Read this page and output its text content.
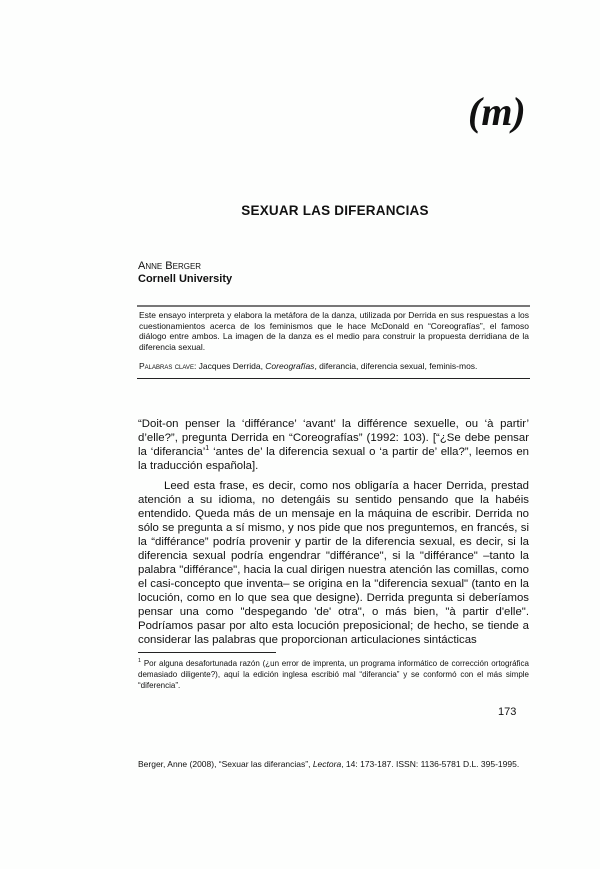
(m)
SEXUAR LAS DIFERANCIAS
Anne Berger
Cornell University
Este ensayo interpreta y elabora la metáfora de la danza, utilizada por Derrida en sus respuestas a los cuestionamientos acerca de los feminismos que le hace McDonald en “Coreografías”, el famoso diálogo entre ambos. La imagen de la danza es el medio para construir la propuesta derridiana de la diferencia sexual.
Palabras clave: Jacques Derrida, Coreografías, diferancia, diferencia sexual, feminis-mos.

“Doit-on penser la ‘différance’ ‘avant’ la différence sexuelle, ou ‘à partir’ d’elle?”, pregunta Derrida en “Coreografías” (1992: 103). [“¿Se debe pensar la ‘diferancia’$^1$ ‘antes de’ la diferencia sexual o ‘a partir de’ ella?”, leemos en la traducción española].

Leed esta frase, es decir, como nos obligaría a hacer Derrida, prestad atención a su idioma, no detengáis su sentido pensando que la habéis entendido. Queda más de un mensaje en la máquina de escribir. Derrida no sólo se pregunta a sí mismo, y nos pide que nos preguntemos, en francés, si la “différance” podría provenir y partir de la diferencia sexual, es decir, si la diferencia sexual podría engendrar "différance", si la "différance" –tanto la palabra "différance", hacia la cual dirigen nuestra atención las comillas, como el casi-concepto que inventa– se origina en la "diferencia sexual" (tanto en la locución, como en lo que sea que designe). Derrida pregunta si deberíamos pensar una como "despegando 'de' otra", o más bien, "à partir d'elle". Podríamos pasar por alto esta locución preposicional; de hecho, se tiende a considerar las palabras que proporcionan articulaciones sintácticas

$^1$ Por alguna desafortunada razón (¿un error de imprenta, un programa informático de corrección ortográfica demasiado diligente?), aquí la edición inglesa escribió mal “diferancia” y se conformó con el más simple “diferencia”.
173
Berger, Anne (2008), “Sexuar las diferancias”, Lectora, 14: 173-187. ISSN: 1136-5781 D.L. 395-1995.
